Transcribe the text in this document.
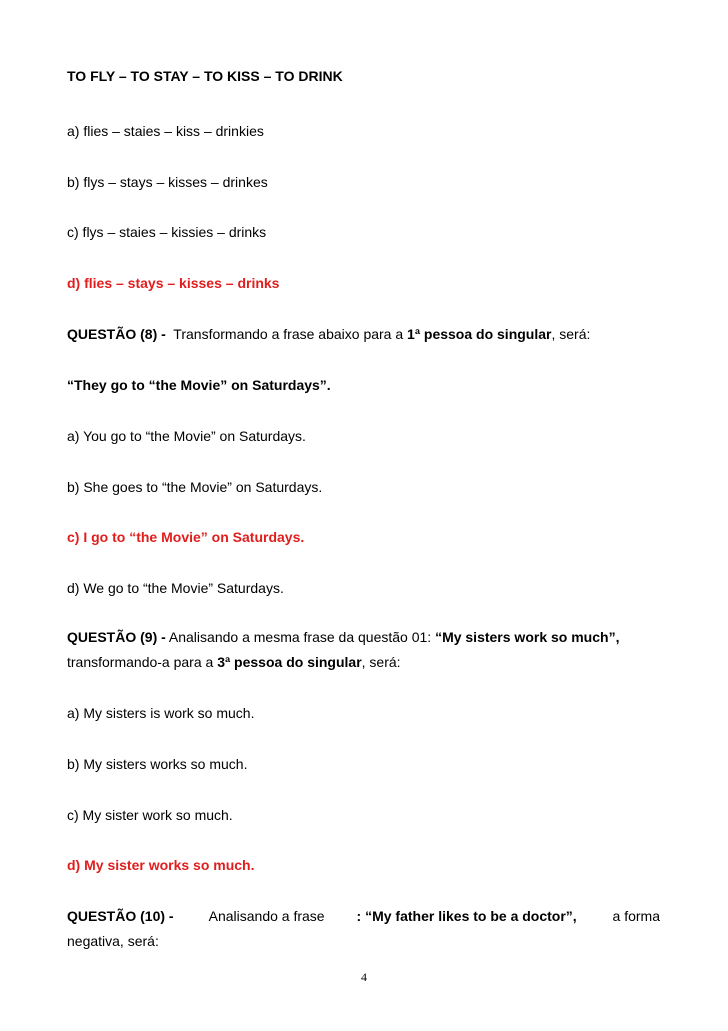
TO FLY – TO STAY – TO KISS – TO DRINK
a) flies – staies – kiss – drinkies
b) flys – stays – kisses – drinkes
c) flys – staies – kissies – drinks
d) flies – stays – kisses – drinks
QUESTÃO (8) -  Transformando a frase abaixo para a 1ª pessoa do singular, será:
“They go to “the Movie” on Saturdays”.
a) You go to “the Movie” on Saturdays.
b) She goes to “the Movie” on Saturdays.
c) I go to “the Movie” on Saturdays.
d) We go to “the Movie” Saturdays.
QUESTÃO (9) - Analisando a mesma frase da questão 01: “My sisters work so much”,
transformando-a para a 3ª pessoa do singular, será:
a) My sisters is work so much.
b) My sisters works so much.
c) My sister work so much.
d) My sister works so much.
QUESTÃO (10) - Analisando a frase : “My father likes to be a doctor”, a forma
negativa, será:
4
